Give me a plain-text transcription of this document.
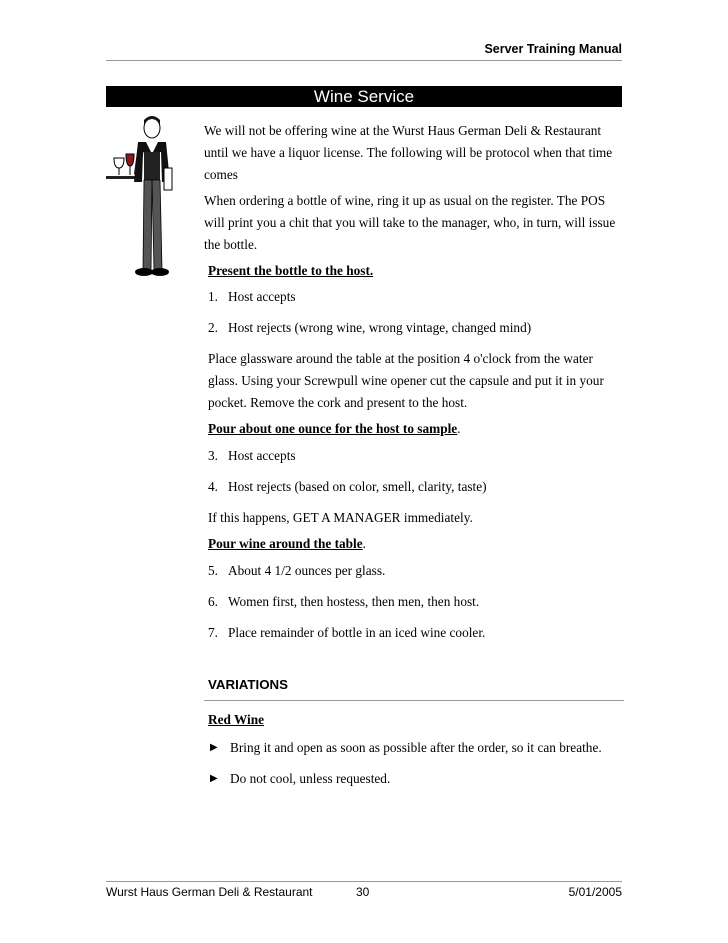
Server Training Manual
Wine Service

We will not be offering wine at the Wurst Haus German Deli & Restaurant until we have a liquor license. The following will be protocol when that time comes

When ordering a bottle of wine, ring it up as usual on the register. The POS will print you a chit that you will take to the manager, who, in turn, will issue the bottle.

Present the bottle to the host.

1. Host accepts
2. Host rejects (wrong wine, wrong vintage, changed mind)

Place glassware around the table at the position 4 o'clock from the water glass. Using your Screwpull wine opener cut the capsule and put it in your pocket. Remove the cork and present to the host.

Pour about one ounce for the host to sample.

3. Host accepts
4. Host rejects (based on color, smell, clarity, taste)

If this happens, GET A MANAGER immediately.

Pour wine around the table.

5. About 4 1/2 ounces per glass.
6. Women first, then hostess, then men, then host.
7. Place remainder of bottle in an iced wine cooler.
VARIATIONS

Red Wine

▶ Bring it and open as soon as possible after the order, so it can breathe.
▶ Do not cool, unless requested.
Wurst Haus German Deli & Restaurant	30	5/01/2005
